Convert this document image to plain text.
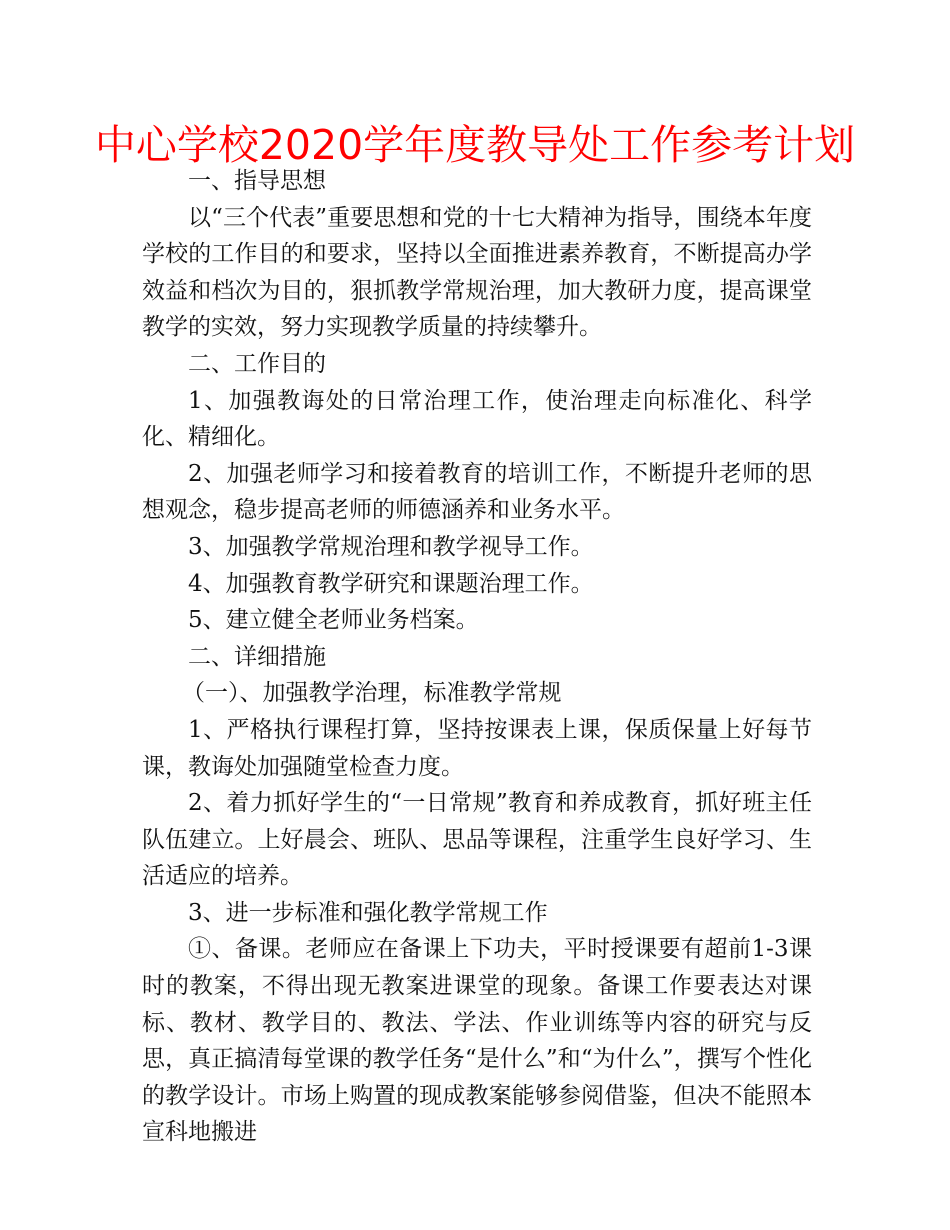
中心学校2020学年度教导处工作参考计划

一、指导思想

以“三个代表”重要思想和党的十七大精神为指导，围绕本年度学校的工作目的和要求，坚持以全面推进素养教育，不断提高办学效益和档次为目的，狠抓教学常规治理，加大教研力度，提高课堂教学的实效，努力实现教学质量的持续攀升。

二、工作目的

1、加强教诲处的日常治理工作，使治理走向标准化、科学化、精细化。

2、加强老师学习和接着教育的培训工作，不断提升老师的思想观念，稳步提高老师的师德涵养和业务水平。

3、加强教学常规治理和教学视导工作。

4、加强教育教学研究和课题治理工作。

5、建立健全老师业务档案。

二、详细措施

（一）、加强教学治理，标准教学常规

1、严格执行课程打算，坚持按课表上课，保质保量上好每节课，教诲处加强随堂检查力度。

2、着力抓好学生的“一日常规”教育和养成教育，抓好班主任队伍建立。上好晨会、班队、思品等课程，注重学生良好学习、生活适应的培养。

3、进一步标准和强化教学常规工作

①、备课。老师应在备课上下功夫，平时授课要有超前1-3课时的教案，不得出现无教案进课堂的现象。备课工作要表达对课标、教材、教学目的、教法、学法、作业训练等内容的研究与反思，真正搞清每堂课的教学任务“是什么”和“为什么”，撰写个性化的教学设计。市场上购置的现成教案能够参阅借鉴，但决不能照本宣科地搬进
